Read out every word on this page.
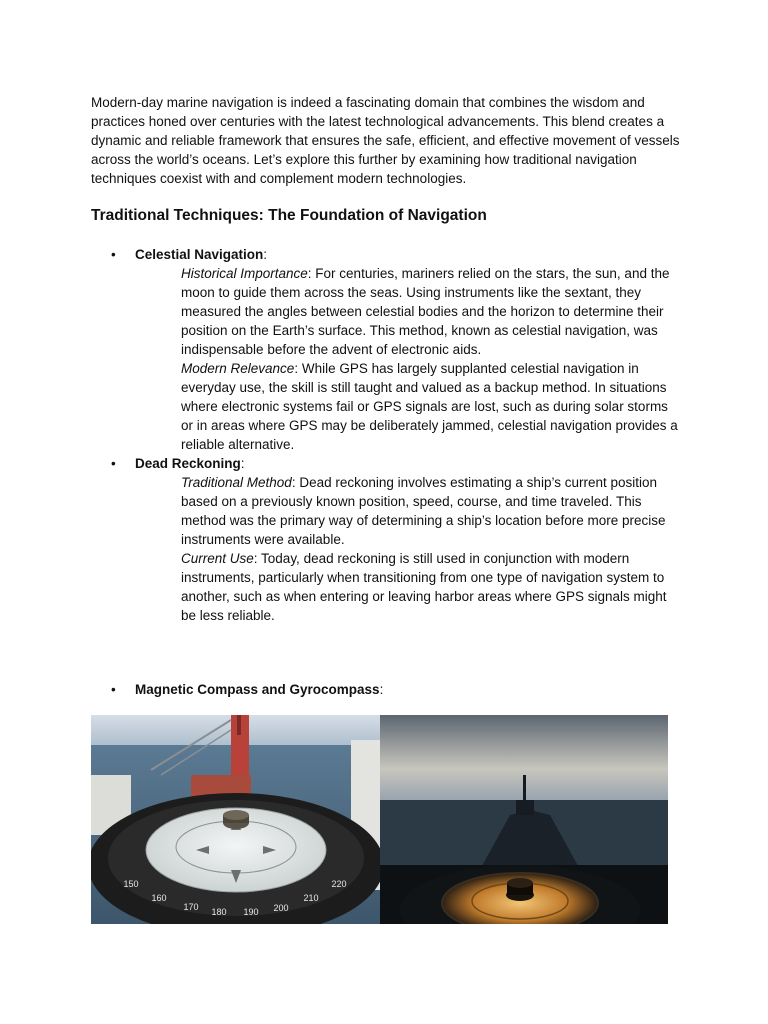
Modern-day marine navigation is indeed a fascinating domain that combines the wisdom and practices honed over centuries with the latest technological advancements. This blend creates a dynamic and reliable framework that ensures the safe, efficient, and effective movement of vessels across the world’s oceans. Let’s explore this further by examining how traditional navigation techniques coexist with and complement modern technologies.

Traditional Techniques: The Foundation of Navigation
• Celestial Navigation:

Historical Importance: For centuries, mariners relied on the stars, the sun, and the moon to guide them across the seas. Using instruments like the sextant, they measured the angles between celestial bodies and the horizon to determine their position on the Earth’s surface. This method, known as celestial navigation, was indispensable before the advent of electronic aids.

Modern Relevance: While GPS has largely supplanted celestial navigation in everyday use, the skill is still taught and valued as a backup method. In situations where electronic systems fail or GPS signals are lost, such as during solar storms or in areas where GPS may be deliberately jammed, celestial navigation provides a reliable alternative.

• Dead Reckoning:

Traditional Method: Dead reckoning involves estimating a ship’s current position based on a previously known position, speed, course, and time traveled. This method was the primary way of determining a ship’s location before more precise instruments were available.

Current Use: Today, dead reckoning is still used in conjunction with modern instruments, particularly when transitioning from one type of navigation system to another, such as when entering or leaving harbor areas where GPS signals might be less reliable.

• Magnetic Compass and Gyrocompass:
170 180 190 200
160
150
210
220
